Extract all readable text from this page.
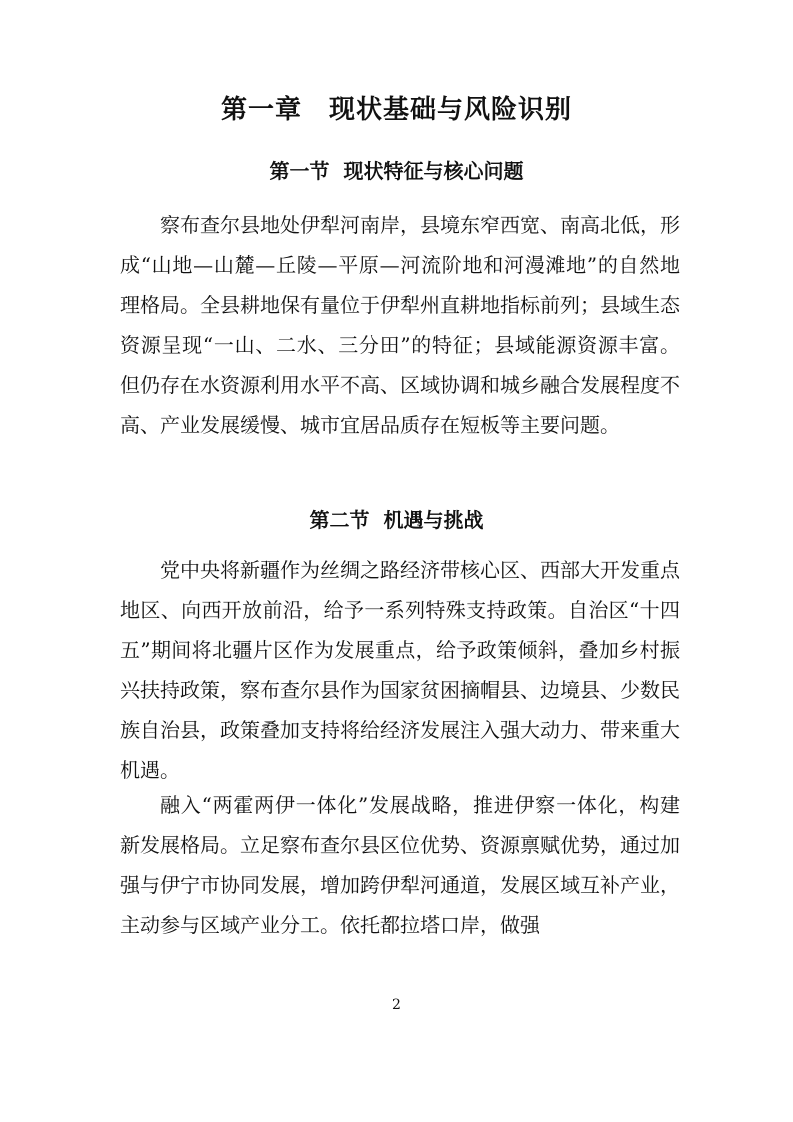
第一章　现状基础与风险识别
第一节  现状特征与核心问题

察布查尔县地处伊犁河南岸，县境东窄西宽、南高北低，形成“山地—山麓—丘陵—平原—河流阶地和河漫滩地”的自然地理格局。全县耕地保有量位于伊犁州直耕地指标前列；县域生态资源呈现“一山、二水、三分田”的特征；县域能源资源丰富。但仍存在水资源利用水平不高、区域协调和城乡融合发展程度不高、产业发展缓慢、城市宜居品质存在短板等主要问题。

第二节  机遇与挑战

党中央将新疆作为丝绸之路经济带核心区、西部大开发重点地区、向西开放前沿，给予一系列特殊支持政策。自治区“十四五”期间将北疆片区作为发展重点，给予政策倾斜，叠加乡村振兴扶持政策，察布查尔县作为国家贫困摘帽县、边境县、少数民族自治县，政策叠加支持将给经济发展注入强大动力、带来重大机遇。

融入“两霍两伊一体化”发展战略，推进伊察一体化，构建新发展格局。立足察布查尔县区位优势、资源禀赋优势，通过加强与伊宁市协同发展，增加跨伊犁河通道，发展区域互补产业，主动参与区域产业分工。依托都拉塔口岸，做强

2
